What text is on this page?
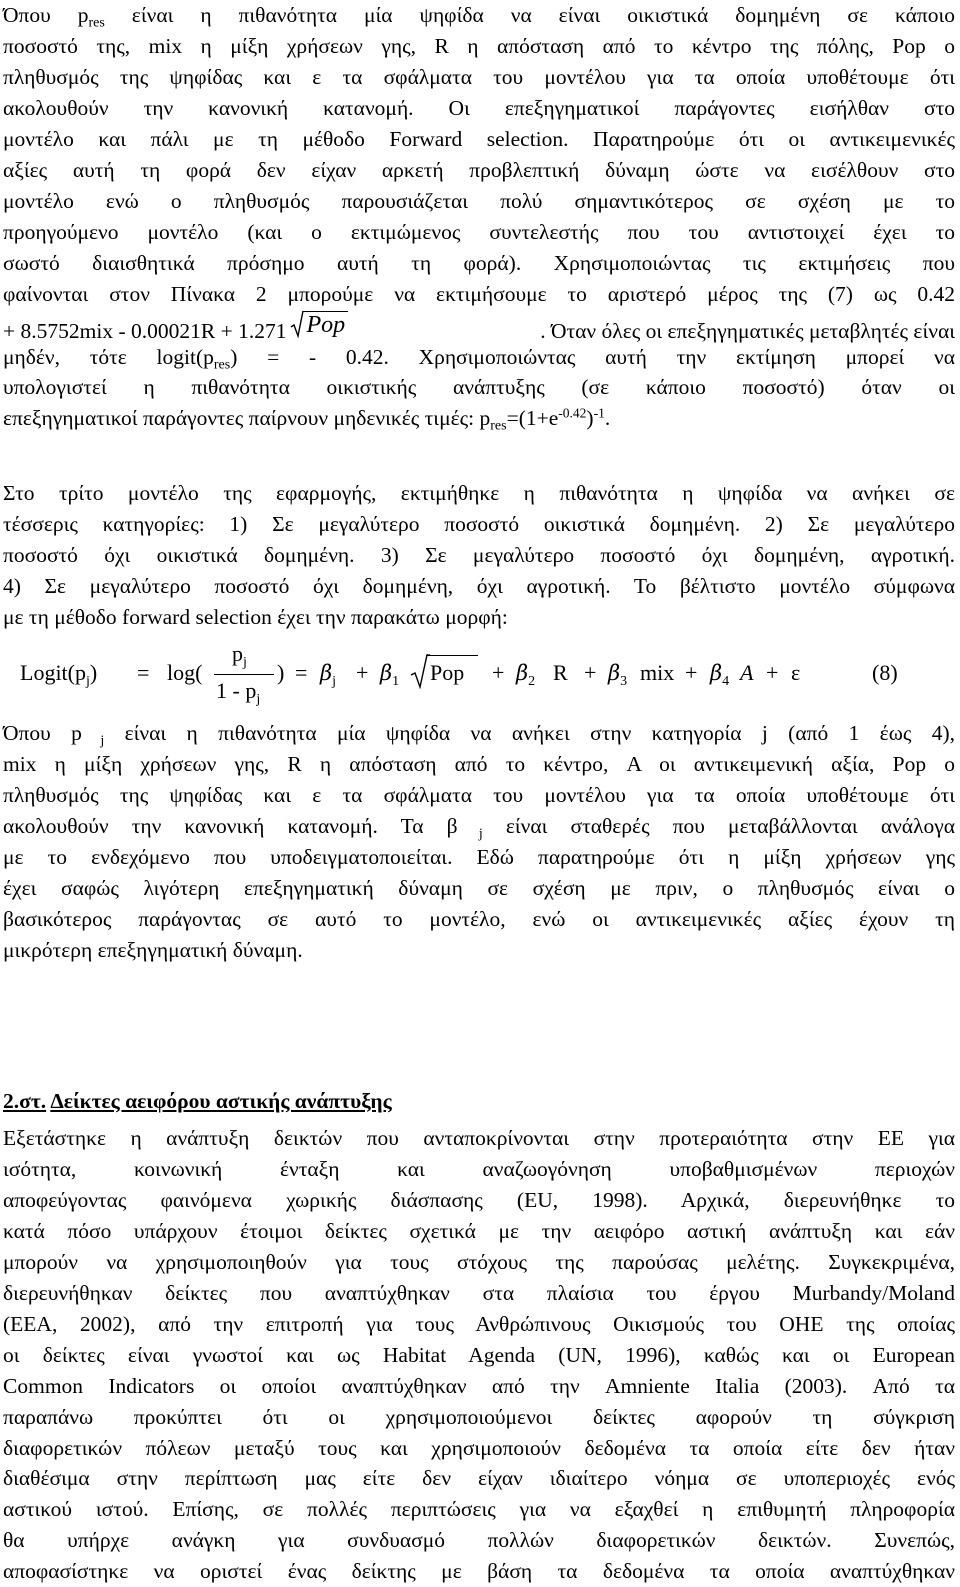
Όπου $p_{res}$ είναι η πιθανότητα μία ψηφίδα να είναι οικιστικά δομημένη σε κάποιο
ποσοστό της, mix η μίξη χρήσεων γης, R η απόσταση από το κέντρο της πόλης, Pop ο
πληθυσμός της ψηφίδας και ε τα σφάλματα του μοντέλου για τα οποία υποθέτουμε ότι
ακολουθούν την κανονική κατανομή. Οι επεξηγηματικοί παράγοντες εισήλθαν στο
μοντέλο και πάλι με τη μέθοδο Forward selection. Παρατηρούμε ότι οι αντικειμενικές
αξίες αυτή τη φορά δεν είχαν αρκετή προβλεπτική δύναμη ώστε να εισέλθουν στο
μοντέλο ενώ ο πληθυσμός παρουσιάζεται πολύ σημαντικότερος σε σχέση με το
προηγούμενο μοντέλο (και ο εκτιμώμενος συντελεστής που του αντιστοιχεί έχει το
σωστό διαισθητικά πρόσημο αυτή τη φορά). Χρησιμοποιώντας τις εκτιμήσεις που
φαίνονται στον Πίνακα 2 μπορούμε να εκτιμήσουμε το αριστερό μέρος της (7) ως 0.42
+ 8.5752mix - 0.00021R + 1.271 Pop	. Όταν όλες οι επεξηγηματικές μεταβλητές είναι
μηδέν, τότε $logit(p_{res})$ = - 0.42. Χρησιμοποιώντας αυτή την εκτίμηση μπορεί να
υπολογιστεί η πιθανότητα οικιστικής ανάπτυξης (σε κάποιο ποσοστό) όταν οι
επεξηγηματικοί παράγοντες παίρνουν μηδενικές τιμές: $p_{res}=(1+e^{-0.42})^{-1}$.
Στο τρίτο μοντέλο της εφαρμογής, εκτιμήθηκε η πιθανότητα η ψηφίδα να ανήκει σε
τέσσερις κατηγορίες: 1) Σε μεγαλύτερο ποσοστό οικιστικά δομημένη. 2) Σε μεγαλύτερο
ποσοστό όχι οικιστικά δομημένη. 3) Σε μεγαλύτερο ποσοστό όχι δομημένη, αγροτική.
4) Σε μεγαλύτερο ποσοστό όχι δομημένη, όχι αγροτική. Το βέλτιστο μοντέλο σύμφωνα
με τη μέθοδο forward selection έχει την παρακάτω μορφή:
$Logit(p_j) = \log$(
$p_j$
$1 - p_j$
) = $\beta_j + \beta_1$ Pop + $\beta_2$ $R + \beta_3$ mix + $\beta_4$ A + ε	(8)
Όπου p $_j$ είναι η πιθανότητα μία ψηφίδα να ανήκει στην κατηγορία j (από 1 έως 4),
mix η μίξη χρήσεων γης, R η απόσταση από το κέντρο, A οι αντικειμενική αξία, Pop ο
πληθυσμός της ψηφίδας και ε τα σφάλματα του μοντέλου για τα οποία υποθέτουμε ότι
ακολουθούν την κανονική κατανομή. Τα β $_j$ είναι σταθερές που μεταβάλλονται ανάλογα
με το ενδεχόμενο που υποδειγματοποιείται. Εδώ παρατηρούμε ότι η μίξη χρήσεων γης
έχει σαφώς λιγότερη επεξηγηματική δύναμη σε σχέση με πριν, ο πληθυσμός είναι ο
βασικότερος παράγοντας σε αυτό το μοντέλο, ενώ οι αντικειμενικές αξίες έχουν τη
μικρότερη επεξηγηματική δύναμη.
2.στ. Δείκτες αειφόρου αστικής ανάπτυξης
Εξετάστηκε η ανάπτυξη δεικτών που ανταποκρίνονται στην προτεραιότητα στην ΕΕ για
ισότητα, κοινωνική ένταξη και αναζωογόνηση υποβαθμισμένων περιοχών
αποφεύγοντας φαινόμενα χωρικής διάσπασης (EU, 1998). Αρχικά, διερευνήθηκε το
κατά πόσο υπάρχουν έτοιμοι δείκτες σχετικά με την αειφόρο αστική ανάπτυξη και εάν
μπορούν να χρησιμοποιηθούν για τους στόχους της παρούσας μελέτης. Συγκεκριμένα,
διερευνήθηκαν δείκτες που αναπτύχθηκαν στα πλαίσια του έργου Murbandy/Moland
(EEA, 2002), από την επιτροπή για τους Ανθρώπινους Οικισμούς του ΟΗΕ της οποίας
οι δείκτες είναι γνωστοί και ως Habitat Agenda (UN, 1996), καθώς και οι European
Common Indicators οι οποίοι αναπτύχθηκαν από την Amniente Italia (2003). Από τα
παραπάνω προκύπτει ότι οι χρησιμοποιούμενοι δείκτες αφορούν τη σύγκριση
διαφορετικών πόλεων μεταξύ τους και χρησιμοποιούν δεδομένα τα οποία είτε δεν ήταν
διαθέσιμα στην περίπτωση μας είτε δεν είχαν ιδιαίτερο νόημα σε υποπεριοχές ενός
αστικού ιστού. Επίσης, σε πολλές περιπτώσεις για να εξαχθεί η επιθυμητή πληροφορία
θα υπήρχε ανάγκη για συνδυασμό πολλών διαφορετικών δεικτών. Συνεπώς,
αποφασίστηκε να οριστεί ένας δείκτης με βάση τα δεδομένα τα οποία αναπτύχθηκαν
